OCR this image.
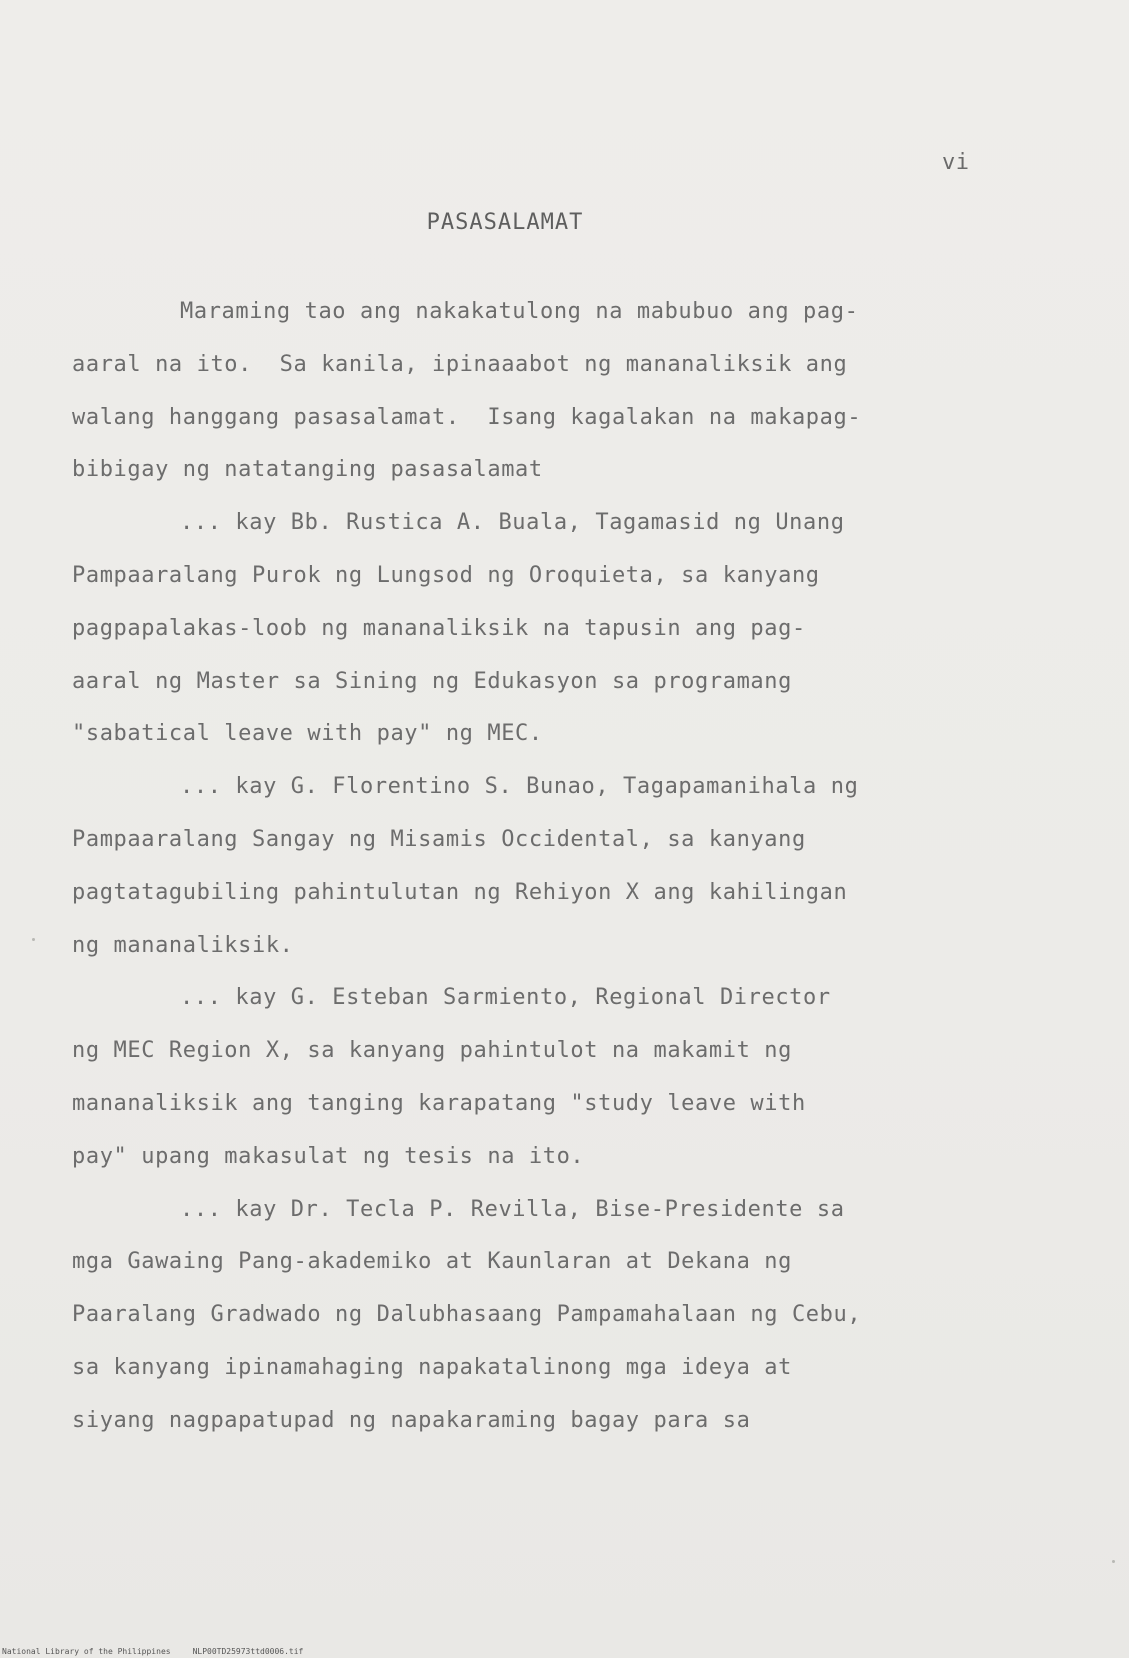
vi
PASASALAMAT
Maraming tao ang nakakatulong na mabubuo ang pag-
aaral na ito.  Sa kanila, ipinaaabot ng mananaliksik ang
walang hanggang pasasalamat.  Isang kagalakan na makapag-
bibigay ng natatanging pasasalamat
... kay Bb. Rustica A. Buala, Tagamasid ng Unang
Pampaaralang Purok ng Lungsod ng Oroquieta, sa kanyang
pagpapalakas-loob ng mananaliksik na tapusin ang pag-
aaral ng Master sa Sining ng Edukasyon sa programang
"sabatical leave with pay" ng MEC.
... kay G. Florentino S. Bunao, Tagapamanihala ng
Pampaaralang Sangay ng Misamis Occidental, sa kanyang
pagtatagubiling pahintulutan ng Rehiyon X ang kahilingan
ng mananaliksik.
... kay G. Esteban Sarmiento, Regional Director
ng MEC Region X, sa kanyang pahintulot na makamit ng
mananaliksik ang tanging karapatang "study leave with
pay" upang makasulat ng tesis na ito.
... kay Dr. Tecla P. Revilla, Bise-Presidente sa
mga Gawaing Pang-akademiko at Kaunlaran at Dekana ng
Paaralang Gradwado ng Dalubhasaang Pampamahalaan ng Cebu,
sa kanyang ipinamahaging napakatalinong mga ideya at
siyang nagpapatupad ng napakaraming bagay para sa
National Library of the Philippines	NLP00TD25973ttd0006.tif
